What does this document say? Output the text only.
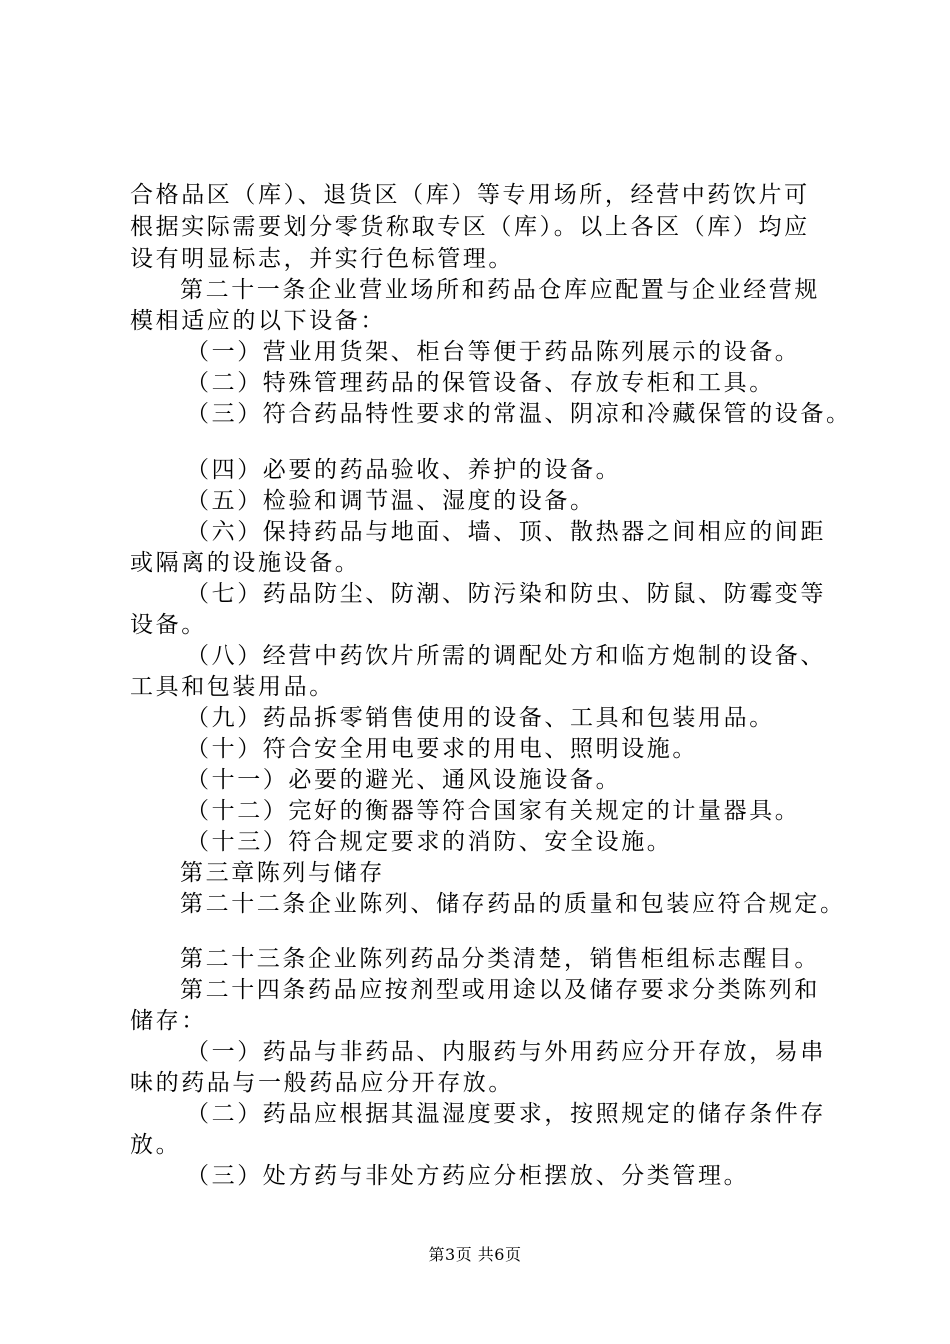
合格品区（库）、退货区（库）等专用场所，经营中药饮片可
根据实际需要划分零货称取专区（库）。以上各区（库）均应
设有明显标志，并实行色标管理。
第二十一条企业营业场所和药品仓库应配置与企业经营规
模相适应的以下设备：
（一）营业用货架、柜台等便于药品陈列展示的设备。
（二）特殊管理药品的保管设备、存放专柜和工具。
（三）符合药品特性要求的常温、阴凉和冷藏保管的设备。
（四）必要的药品验收、养护的设备。
（五）检验和调节温、湿度的设备。
（六）保持药品与地面、墙、顶、散热器之间相应的间距
或隔离的设施设备。
（七）药品防尘、防潮、防污染和防虫、防鼠、防霉变等
设备。
（八）经营中药饮片所需的调配处方和临方炮制的设备、
工具和包装用品。
（九）药品拆零销售使用的设备、工具和包装用品。
（十）符合安全用电要求的用电、照明设施。
（十一）必要的避光、通风设施设备。
（十二）完好的衡器等符合国家有关规定的计量器具。
（十三）符合规定要求的消防、安全设施。
第三章陈列与储存
第二十二条企业陈列、储存药品的质量和包装应符合规定。
第二十三条企业陈列药品分类清楚，销售柜组标志醒目。
第二十四条药品应按剂型或用途以及储存要求分类陈列和
储存：
（一）药品与非药品、内服药与外用药应分开存放，易串
味的药品与一般药品应分开存放。
（二）药品应根据其温湿度要求，按照规定的储存条件存
放。
（三）处方药与非处方药应分柜摆放、分类管理。
第3页 共6页
